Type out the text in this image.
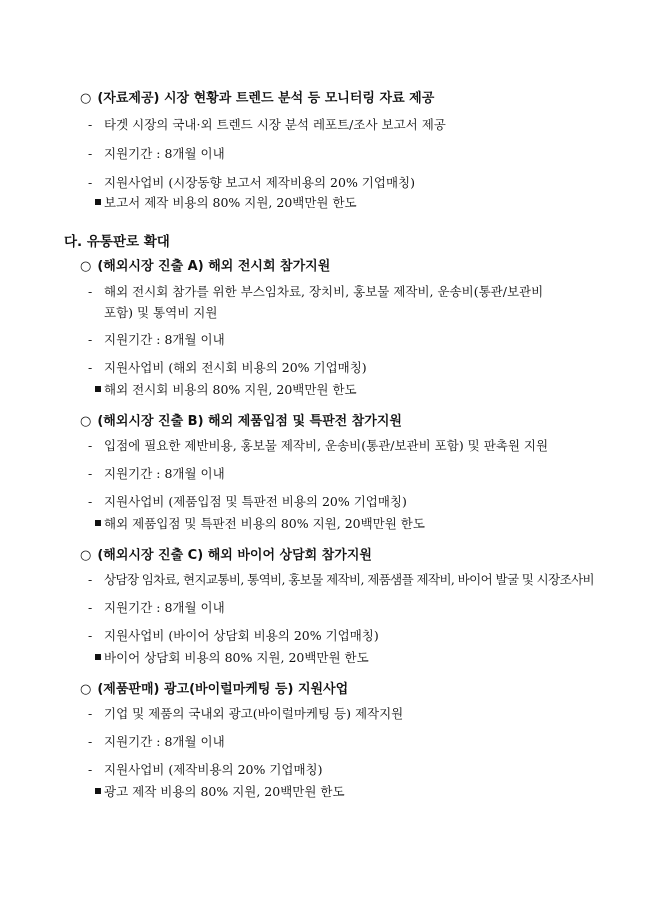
○ (자료제공) 시장 현황과 트렌드 분석 등 모니터링 자료 제공
- 타겟 시장의 국내·외 트렌드 시장 분석 레포트/조사 보고서 제공
- 지원기간 : 8개월 이내
- 지원사업비 (시장동향 보고서 제작비용의 20% 기업매칭)
보고서 제작 비용의 80% 지원, 20백만원 한도
다. 유통판로 확대
○ (해외시장 진출 A) 해외 전시회 참가지원
- 해외 전시회 참가를 위한 부스임차료, 장치비, 홍보물 제작비, 운송비(통관/보관비
포함) 및 통역비 지원
- 지원기간 : 8개월 이내
- 지원사업비 (해외 전시회 비용의 20% 기업매칭)
해외 전시회 비용의 80% 지원, 20백만원 한도
○ (해외시장 진출 B) 해외 제품입점 및 특판전 참가지원
- 입점에 필요한 제반비용, 홍보물 제작비, 운송비(통관/보관비 포함) 및 판촉원 지원
- 지원기간 : 8개월 이내
- 지원사업비 (제품입점 및 특판전 비용의 20% 기업매칭)
해외 제품입점 및 특판전 비용의 80% 지원, 20백만원 한도
○ (해외시장 진출 C) 해외 바이어 상담회 참가지원
- 상담장 임차료, 현지교통비, 통역비, 홍보물 제작비, 제품샘플 제작비, 바이어 발굴 및 시장조사비
- 지원기간 : 8개월 이내
- 지원사업비 (바이어 상담회 비용의 20% 기업매칭)
바이어 상담회 비용의 80% 지원, 20백만원 한도
○ (제품판매) 광고(바이럴마케팅 등) 지원사업
- 기업 및 제품의 국내외 광고(바이럴마케팅 등) 제작지원
- 지원기간 : 8개월 이내
- 지원사업비 (제작비용의 20% 기업매칭)
광고 제작 비용의 80% 지원, 20백만원 한도
